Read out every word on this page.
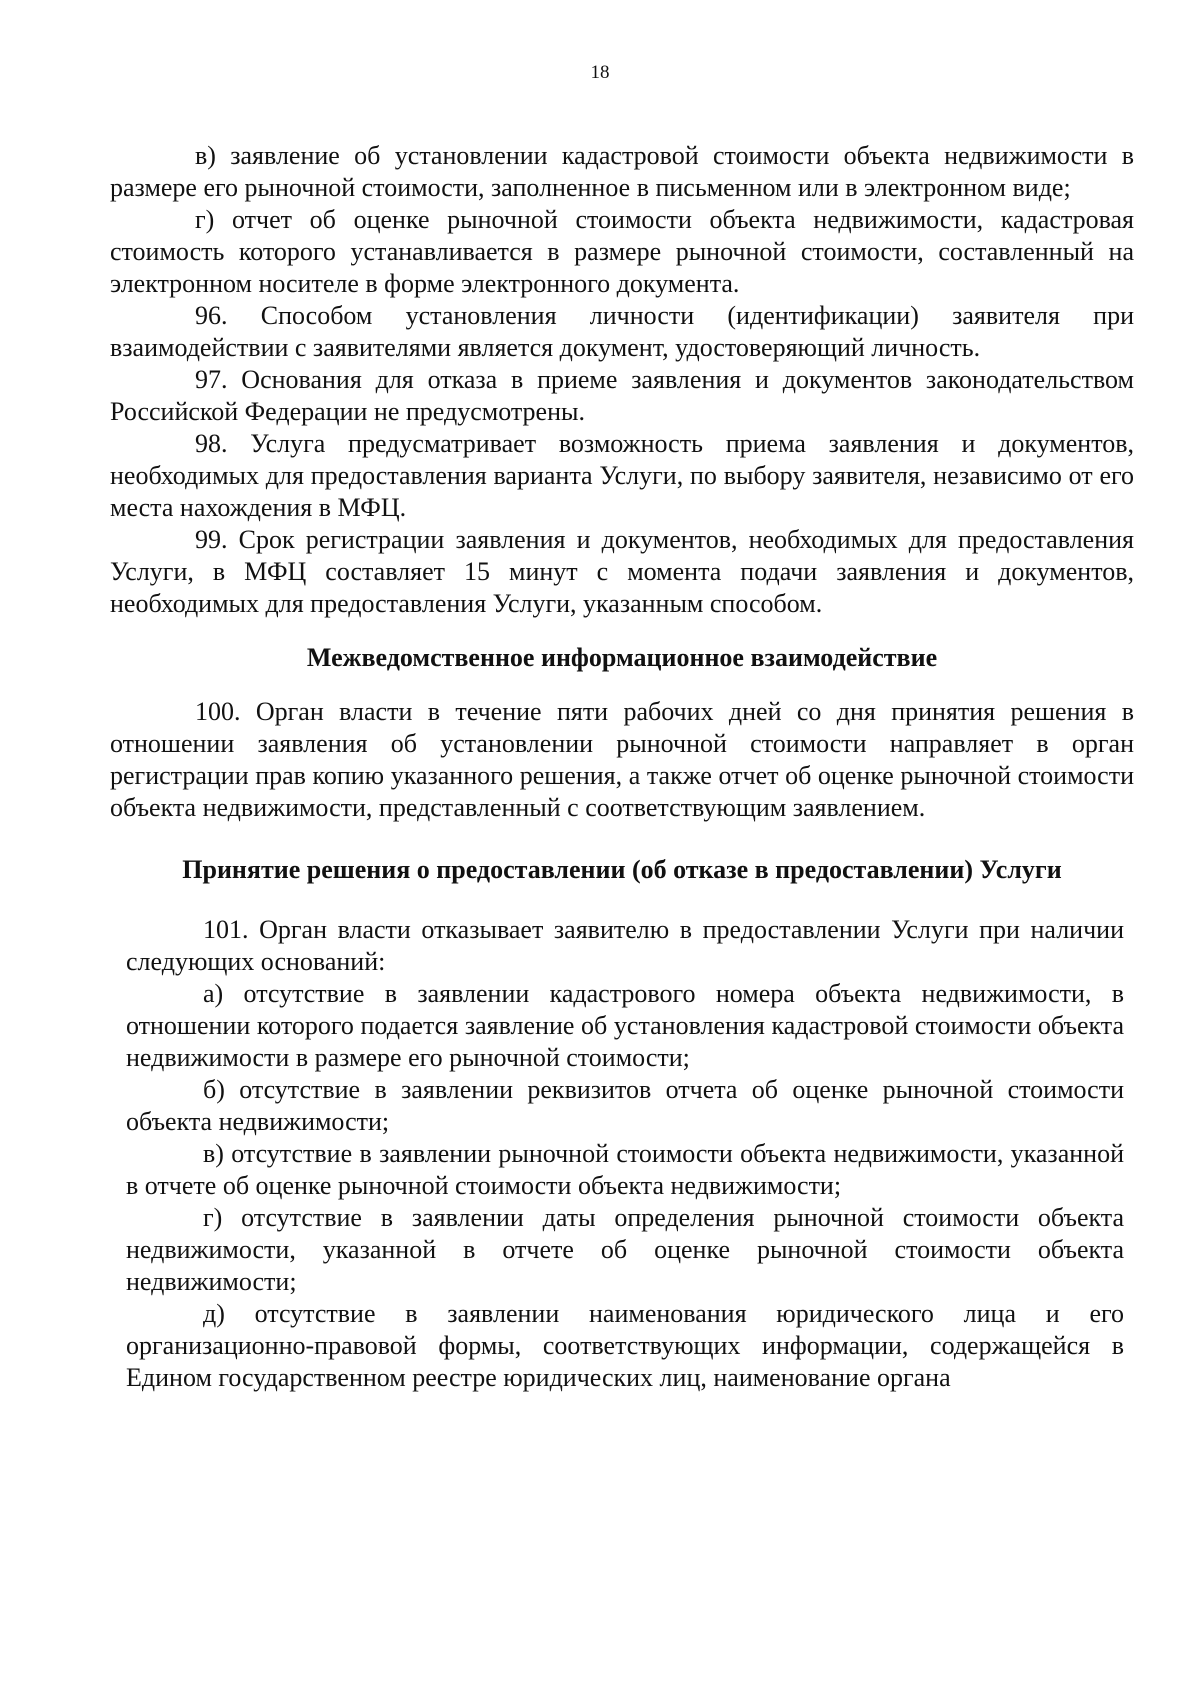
18

в) заявление об установлении кадастровой стоимости объекта недвижимости в размере его рыночной стоимости, заполненное в письменном или в электронном виде;

г) отчет об оценке рыночной стоимости объекта недвижимости, кадастровая стоимость которого устанавливается в размере рыночной стоимости, составленный на электронном носителе в форме электронного документа.

96. Способом установления личности (идентификации) заявителя при взаимодействии с заявителями является документ, удостоверяющий личность.

97. Основания для отказа в приеме заявления и документов законодательством Российской Федерации не предусмотрены.

98. Услуга предусматривает возможность приема заявления и документов, необходимых для предоставления варианта Услуги, по выбору заявителя, независимо от его места нахождения в МФЦ.

99. Срок регистрации заявления и документов, необходимых для предоставления Услуги, в МФЦ составляет 15 минут с момента подачи заявления и документов, необходимых для предоставления Услуги, указанным способом.

Межведомственное информационное взаимодействие

100. Орган власти в течение пяти рабочих дней со дня принятия решения в отношении заявления об установлении рыночной стоимости направляет в орган регистрации прав копию указанного решения, а также отчет об оценке рыночной стоимости объекта недвижимости, представленный с соответствующим заявлением.

Принятие решения о предоставлении (об отказе в предоставлении) Услуги

101. Орган власти отказывает заявителю в предоставлении Услуги при наличии следующих оснований:

а) отсутствие в заявлении кадастрового номера объекта недвижимости, в отношении которого подается заявление об установления кадастровой стоимости объекта недвижимости в размере его рыночной стоимости;

б) отсутствие в заявлении реквизитов отчета об оценке рыночной стоимости объекта недвижимости;

в) отсутствие в заявлении рыночной стоимости объекта недвижимости, указанной в отчете об оценке рыночной стоимости объекта недвижимости;

г) отсутствие в заявлении даты определения рыночной стоимости объекта недвижимости, указанной в отчете об оценке рыночной стоимости объекта недвижимости;

д) отсутствие в заявлении наименования юридического лица и его организационно-правовой формы, соответствующих информации, содержащейся в Едином государственном реестре юридических лиц, наименование органа
